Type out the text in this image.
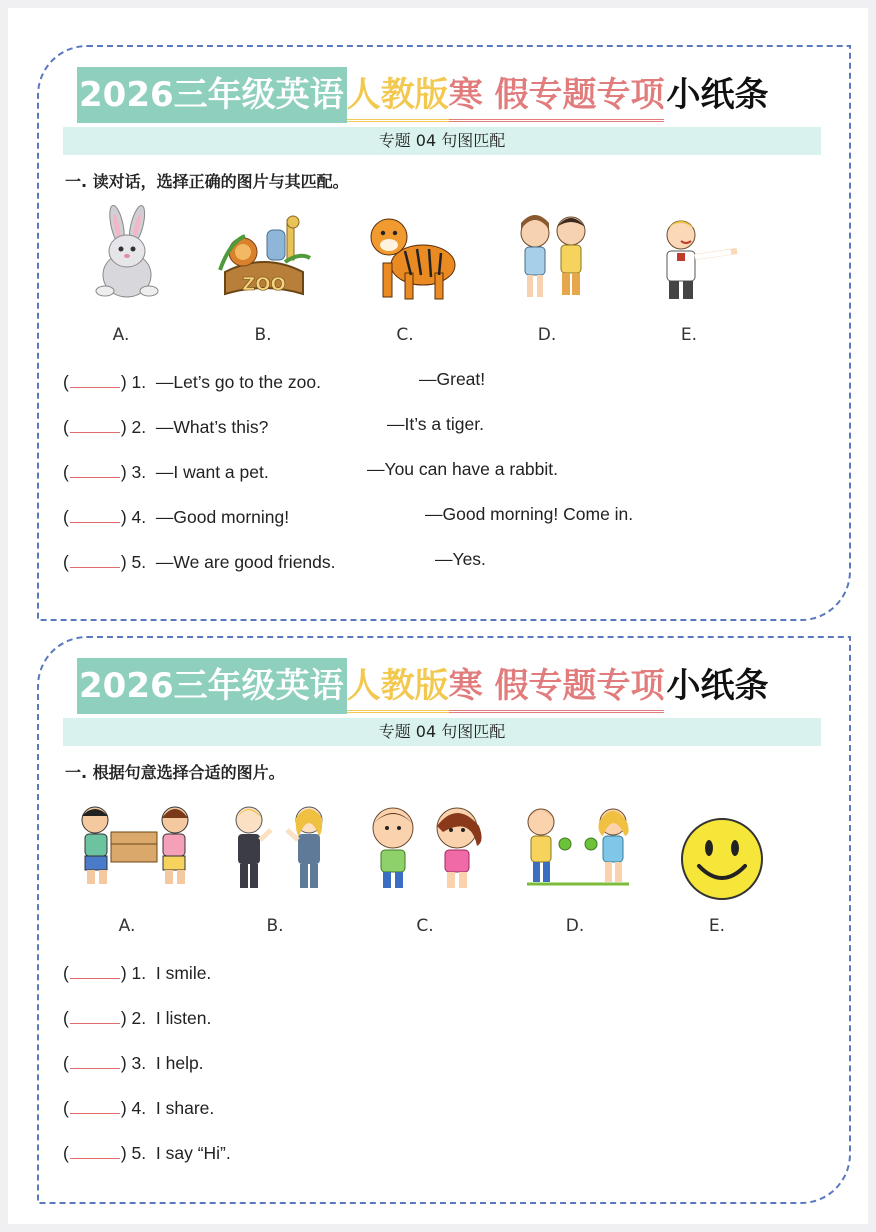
2026三年级英语人教版寒 假专题专项小纸条
专题 04 句图匹配
一. 读对话，选择正确的图片与其匹配。
A.
ZOO
B.	C.	D.	E.
(	) 1. —Let’s go to the zoo.	—Great!
(	) 2. —What’s this?	—It’s a tiger.
(	) 3. —I want a pet.	—You can have a rabbit.
(	) 4. —Good morning!	—Good morning! Come in.
(	) 5. —We are good friends.	—Yes.
2026三年级英语人教版寒 假专题专项小纸条
专题 04 句图匹配
一. 根据句意选择合适的图片。
A.	B.	C.	D.	E.
(	) 1. I smile.
(	) 2. I listen.
(	) 3. I help.
(	) 4. I share.
(	) 5. I say “Hi”.
